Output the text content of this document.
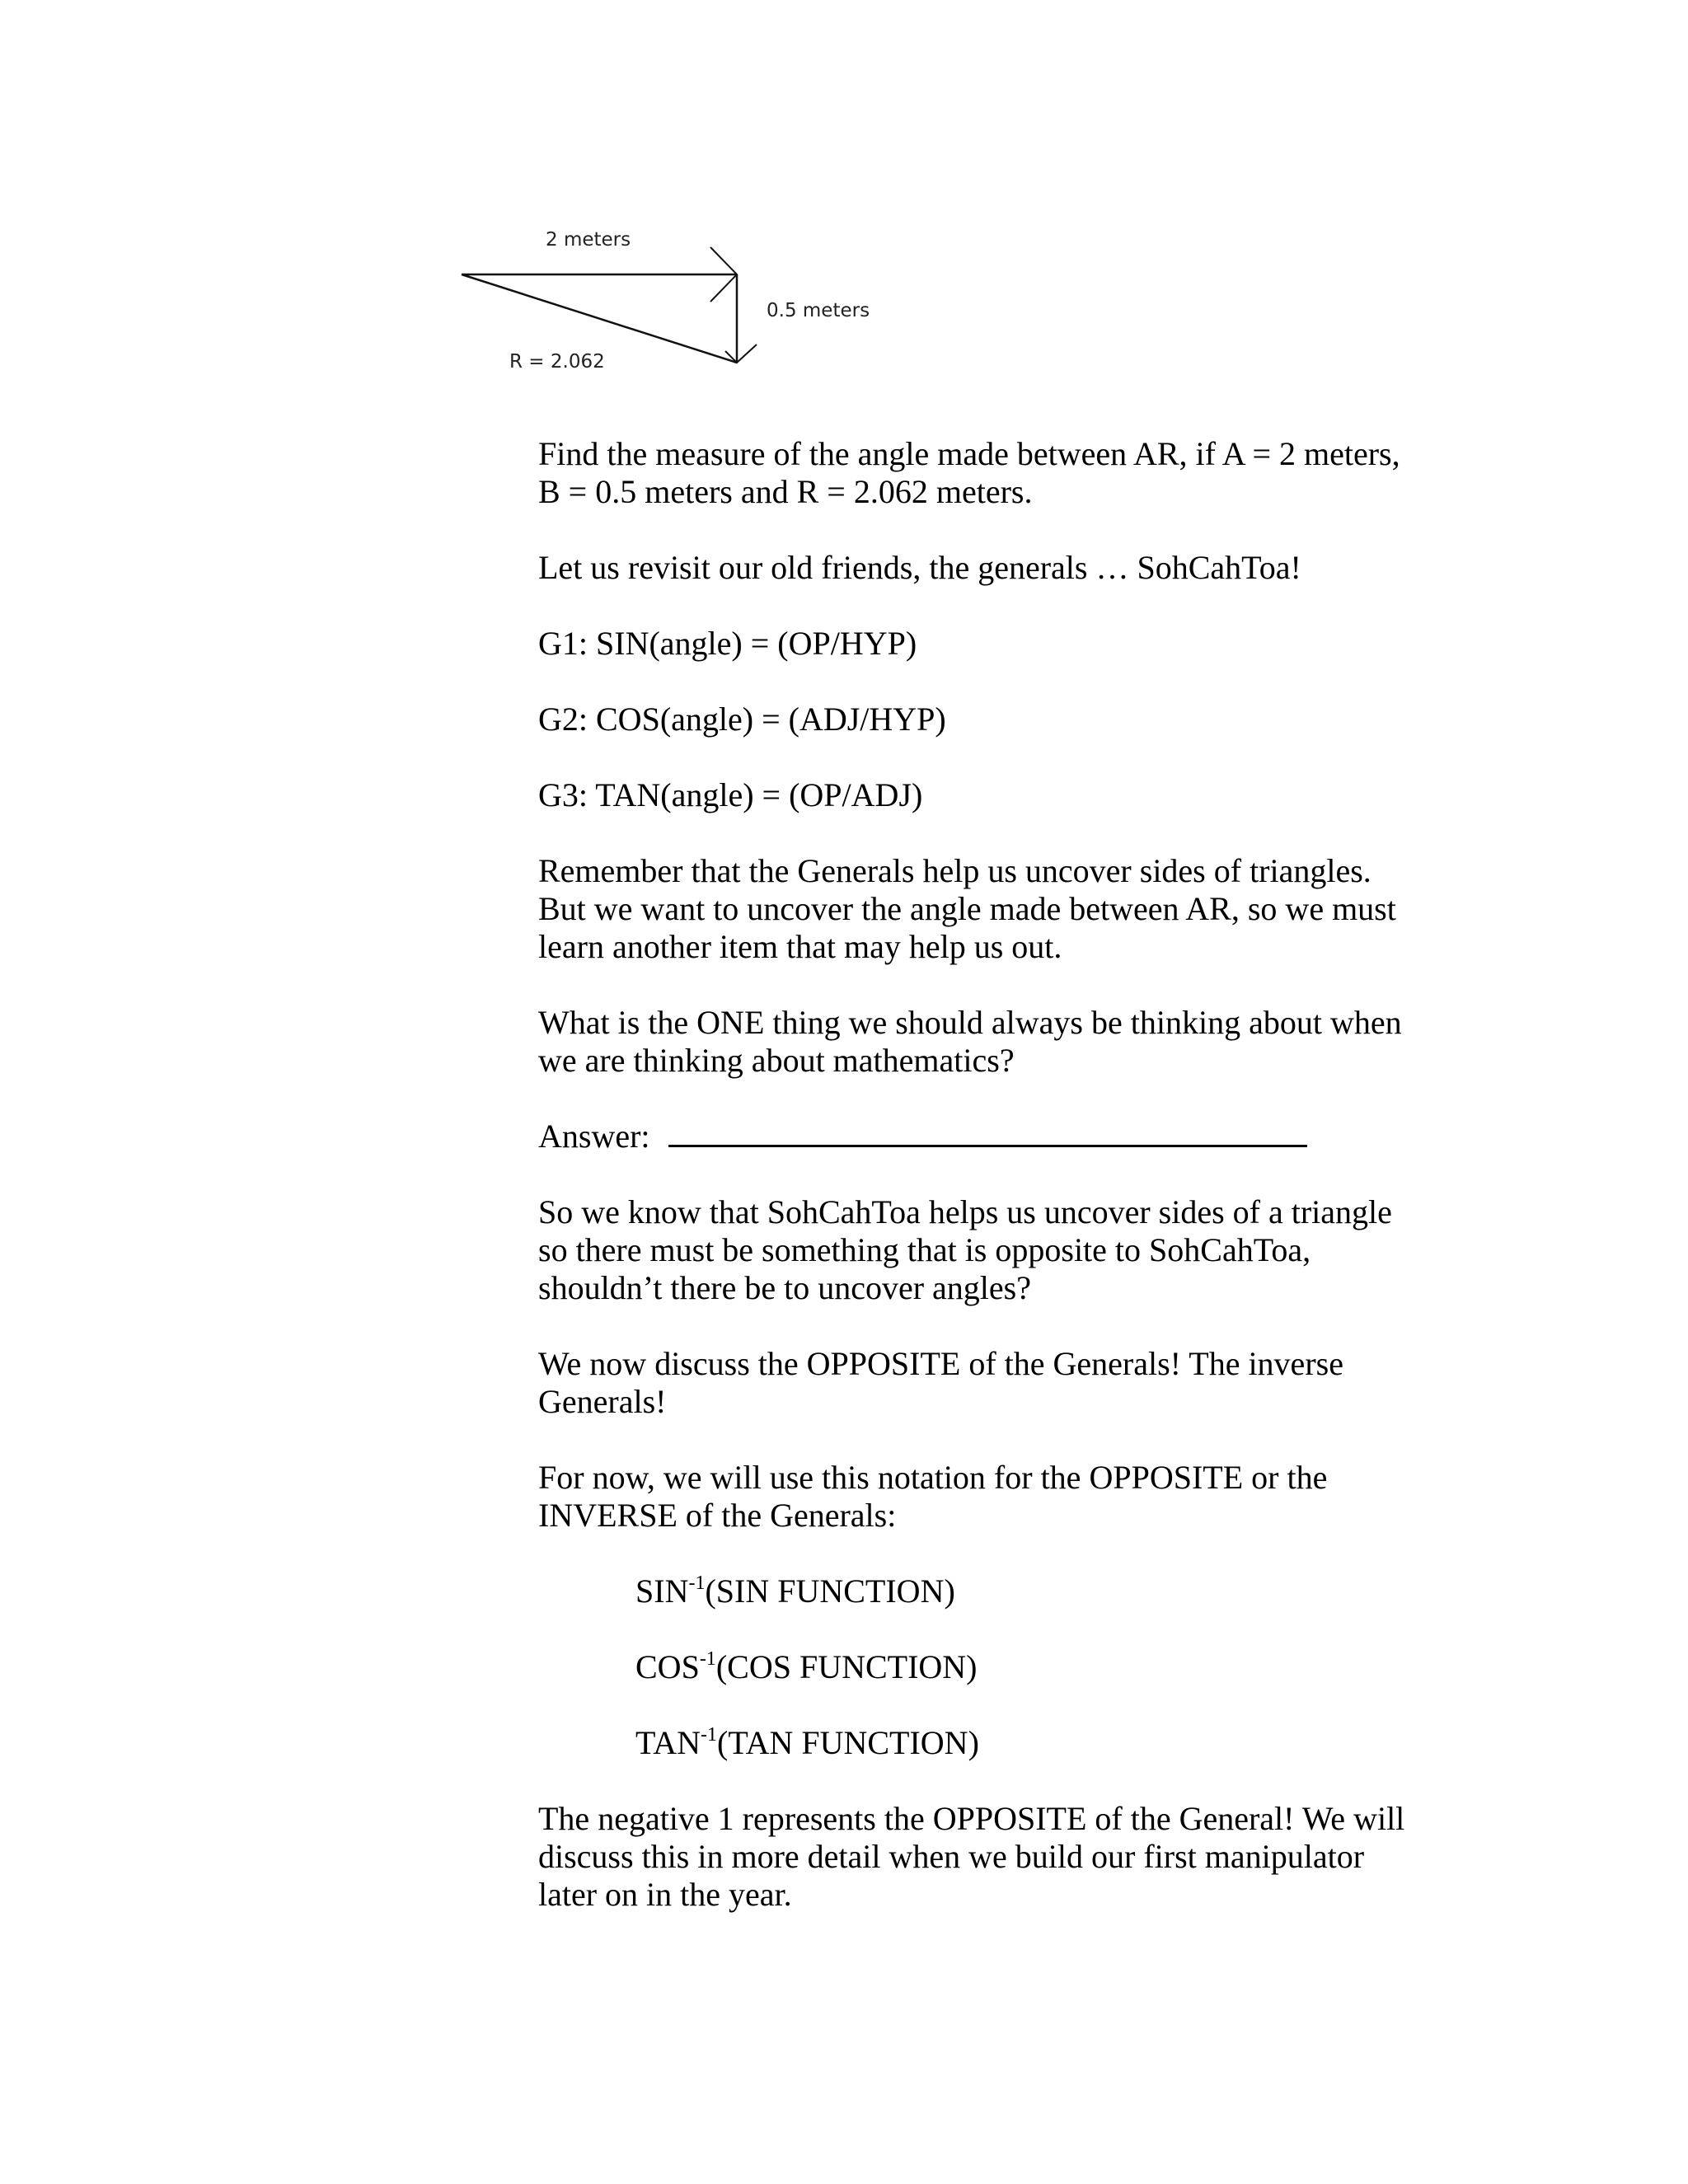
2 meters
0.5 meters
R = 2.062

Find the measure of the angle made between AR, if A = 2 meters,
B = 0.5 meters and R = 2.062 meters.

Let us revisit our old friends, the generals … SohCahToa!

G1: SIN(angle) = (OP/HYP)

G2: COS(angle) = (ADJ/HYP)

G3: TAN(angle) = (OP/ADJ)

Remember that the Generals help us uncover sides of triangles.
But we want to uncover the angle made between AR, so we must
learn another item that may help us out.

What is the ONE thing we should always be thinking about when
we are thinking about mathematics?

Answer:

So we know that SohCahToa helps us uncover sides of a triangle
so there must be something that is opposite to SohCahToa,
shouldn’t there be to uncover angles?

We now discuss the OPPOSITE of the Generals! The inverse
Generals!

For now, we will use this notation for the OPPOSITE or the
INVERSE of the Generals:

$SIN^{-1}(SIN$ FUNCTION)

$COS^{-1}(COS$ FUNCTION)

$TAN^{-1}(TAN$ FUNCTION)

The negative 1 represents the OPPOSITE of the General! We will
discuss this in more detail when we build our first manipulator
later on in the year.
